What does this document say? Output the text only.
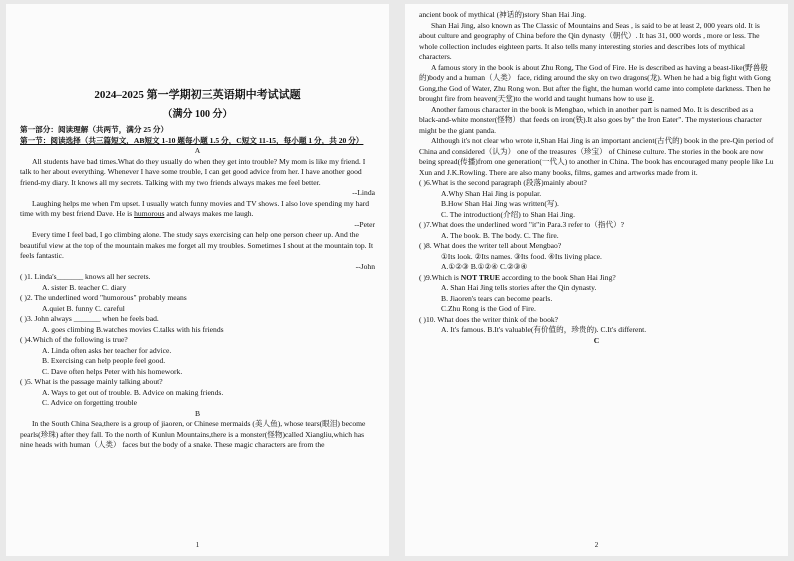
2024–2025 第一学期初三英语期中考试试题
（满分 100 分）

第一部分：阅读理解（共两节，满分 25 分）

第一节：阅读选择（共三篇短文，AB短文 1-10 题每小题 1.5 分，C短文 11-15，每小题 1 分，共 20 分）

A

All students have bad times.What do they usually do when they get into trouble? My mom is like my friend. I talk to her about everything. Whenever I have some trouble, I can get good advice from her. I have another good friend-my diary. It knows all my secrets. Talking with my two friends always makes me feel better.

--Linda

Laughing helps me when I'm upset. I usually watch funny movies and TV shows. I also love spending my hard time with my best friend Dave. He is humorous and always makes me laugh.

--Peter

Every time I feel bad, I go climbing alone. The study says exercising can help one person cheer up. And the beautiful view at the top of the mountain makes me forget all my troubles. Sometimes I shout at the mountain top. It feels fantastic.

--John

( )1. Linda's_______ knows all her secrets.

A. sister B. teacher C. diary

( )2. The underlined word "humorous" probably means

A.quiet B. funny C. careful

( )3. John always _______ when he feels bad.

A. goes climbing B.watches movies C.talks with his friends

( )4.Which of the following is true?

A. Linda often asks her teacher for advice.

B. Exercising can help people feel good.

C. Dave often helps Peter with his homework.

( )5. What is the passage mainly talking about?

A. Ways to get out of trouble. B. Advice on making friends.

C. Advice on forgetting trouble

B

In the South China Sea,there is a group of jiaoren, or Chinese mermaids (美人鱼), whose tears(眼泪) become pearls(珍珠) after they fall. To the north of Kunlun Mountains,there is a monster(怪物)called Xiangliu,which has nine heads with human（人类） faces but the body of a snake. These magic characters are from the

1

ancient book of mythical (神话的)story Shan Hai Jing.

Shan Hai Jing, also known as The Classic of Mountains and Seas , is said to be at least 2, 000 years old. It is about culture and geography of China before the Qin dynasty（朝代）. It has 31, 000 words , more or less. The whole collection includes eighteen parts. It also tells many interesting stories and describes lots of mythical characters.

A famous story in the book is about Zhu Rong, The God of Fire. He is described as having a beast-like(野兽般的)body and a human（人类） face, riding around the sky on two dragons(龙). When he had a big fight with Gong Gong,the God of Water, Zhu Rong won. But after the fight, the human world came into complete darkness. Then he brought fire from heaven(天堂)to the world and taught humans how to use it.

Another famous character in the book is Mengbao, which in another part is named Mo. It is described as a black-and-white monster(怪物）that feeds on iron(铁).It also goes by" the Iron Eater". The mysterious character might be the giant panda.

Although it's not clear who wrote it,Shan Hai Jing is an important ancient(古代的) book in the pre-Qin period of China and considered（认为） one of the treasures（珍宝） of Chinese culture. The stories in the book are now being spread(传播)from one generation(一代人) to another in China. The book has encouraged many people like Lu Xun and J.K.Rowling. There are also many books, films, games and artworks made from it.

( )6.What is the second paragraph (段落)mainly about?

A.Why Shan Hai Jing is popular.

B.How Shan Hai Jing was written(写).

C. The introduction(介绍) to Shan Hai Jing.

( )7.What does the underlined word "it"in Para.3 refer to（指代）?

A. The book. B. The body. C. The fire.

( )8. What does the writer tell about Mengbao?

①Its look. ②Its names. ③Its food. ④Its living place.

A.①②③ B.①②④ C.②③④

( )9.Which is NOT TRUE according to the book Shan Hai Jing?

A. Shan Hai Jing tells stories after the Qin dynasty.

B. Jiaoren's tears can become pearls.

C.Zhu Rong is the God of Fire.

( )10. What does the writer think of the book?

A. It's famous. B.It's valuable(有价值的，珍贵的). C.It's different.

C

2
